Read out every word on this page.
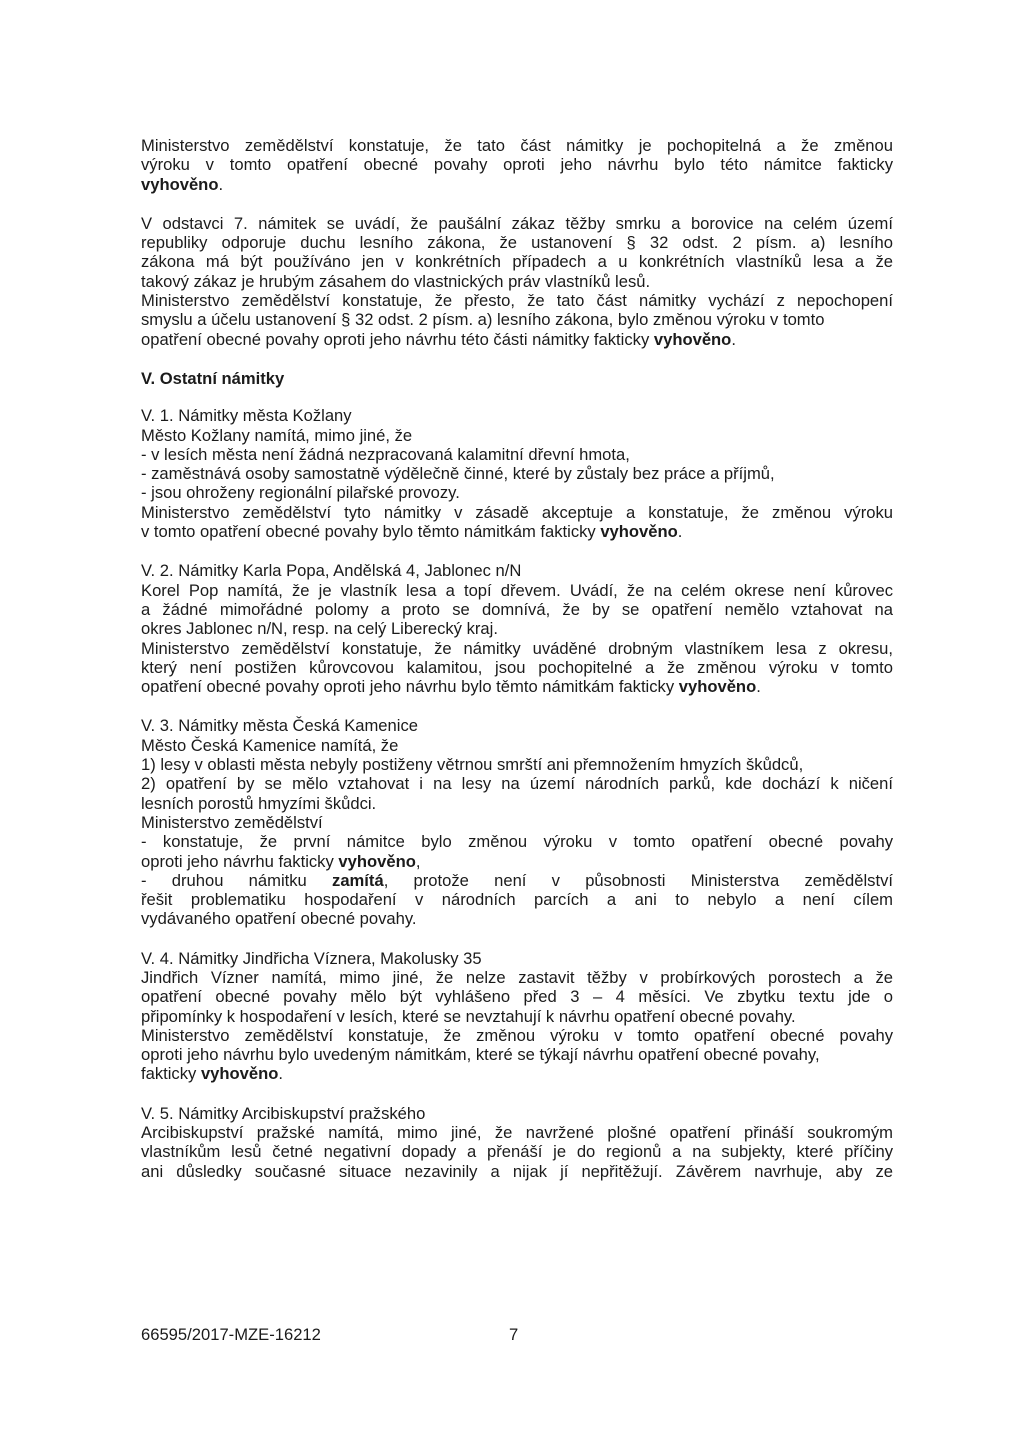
Ministerstvo zemědělství konstatuje, že tato část námitky je pochopitelná a že změnou
výroku v tomto opatření obecné povahy oproti jeho návrhu bylo této námitce fakticky
vyhověno.
V odstavci 7. námitek se uvádí, že paušální zákaz těžby smrku a borovice na celém území
republiky odporuje duchu lesního zákona, že ustanovení § 32 odst. 2 písm. a) lesního
zákona má být používáno jen v konkrétních případech a u konkrétních vlastníků lesa a že
takový zákaz je hrubým zásahem do vlastnických práv vlastníků lesů.
Ministerstvo zemědělství konstatuje, že přesto, že tato část námitky vychází z nepochopení
smyslu a účelu ustanovení § 32 odst. 2 písm. a) lesního zákona, bylo změnou výroku v tomto
opatření obecné povahy oproti jeho návrhu této části námitky fakticky vyhověno.
V. Ostatní námitky
V. 1. Námitky města Kožlany
Město Kožlany namítá, mimo jiné, že
- v lesích města není žádná nezpracovaná kalamitní dřevní hmota,
- zaměstnává osoby samostatně výdělečně činné, které by zůstaly bez práce a příjmů,
- jsou ohroženy regionální pilařské provozy.
Ministerstvo zemědělství tyto námitky v zásadě akceptuje a konstatuje, že změnou výroku
v tomto opatření obecné povahy bylo těmto námitkám fakticky vyhověno.
V. 2. Námitky Karla Popa, Andělská 4, Jablonec n/N
Korel Pop namítá, že je vlastník lesa a topí dřevem. Uvádí, že na celém okrese není kůrovec
a žádné mimořádné polomy a proto se domnívá, že by se opatření nemělo vztahovat na
okres Jablonec n/N, resp. na celý Liberecký kraj.
Ministerstvo zemědělství konstatuje, že námitky uváděné drobným vlastníkem lesa z okresu,
který není postižen kůrovcovou kalamitou, jsou pochopitelné a že změnou výroku v tomto
opatření obecné povahy oproti jeho návrhu bylo těmto námitkám fakticky vyhověno.
V. 3. Námitky města Česká Kamenice
Město Česká Kamenice namítá, že
1) lesy v oblasti města nebyly postiženy větrnou smrští ani přemnožením hmyzích škůdců,
2) opatření by se mělo vztahovat i na lesy na území národních parků, kde dochází k ničení
lesních porostů hmyzími škůdci.
Ministerstvo zemědělství
- konstatuje, že první námitce bylo změnou výroku v tomto opatření obecné povahy
oproti jeho návrhu fakticky vyhověno,
- druhou námitku zamítá, protože není v působnosti Ministerstva zemědělství
řešit problematiku hospodaření v národních parcích a ani to nebylo a není cílem
vydávaného opatření obecné povahy.
V. 4. Námitky Jindřicha Víznera, Makolusky 35
Jindřich Vízner namítá, mimo jiné, že nelze zastavit těžby v probírkových porostech a že
opatření obecné povahy mělo být vyhlášeno před 3 – 4 měsíci. Ve zbytku textu jde o
připomínky k hospodaření v lesích, které se nevztahují k návrhu opatření obecné povahy.
Ministerstvo zemědělství konstatuje, že změnou výroku v tomto opatření obecné povahy
oproti jeho návrhu bylo uvedeným námitkám, které se týkají návrhu opatření obecné povahy,
fakticky vyhověno.
V. 5. Námitky Arcibiskupství pražského
Arcibiskupství pražské namítá, mimo jiné, že navržené plošné opatření přináší soukromým
vlastníkům lesů četné negativní dopady a přenáší je do regionů a na subjekty, které příčiny
ani důsledky současné situace nezavinily a nijak jí nepřitěžují. Závěrem navrhuje, aby ze
66595/2017-MZE-16212	7
